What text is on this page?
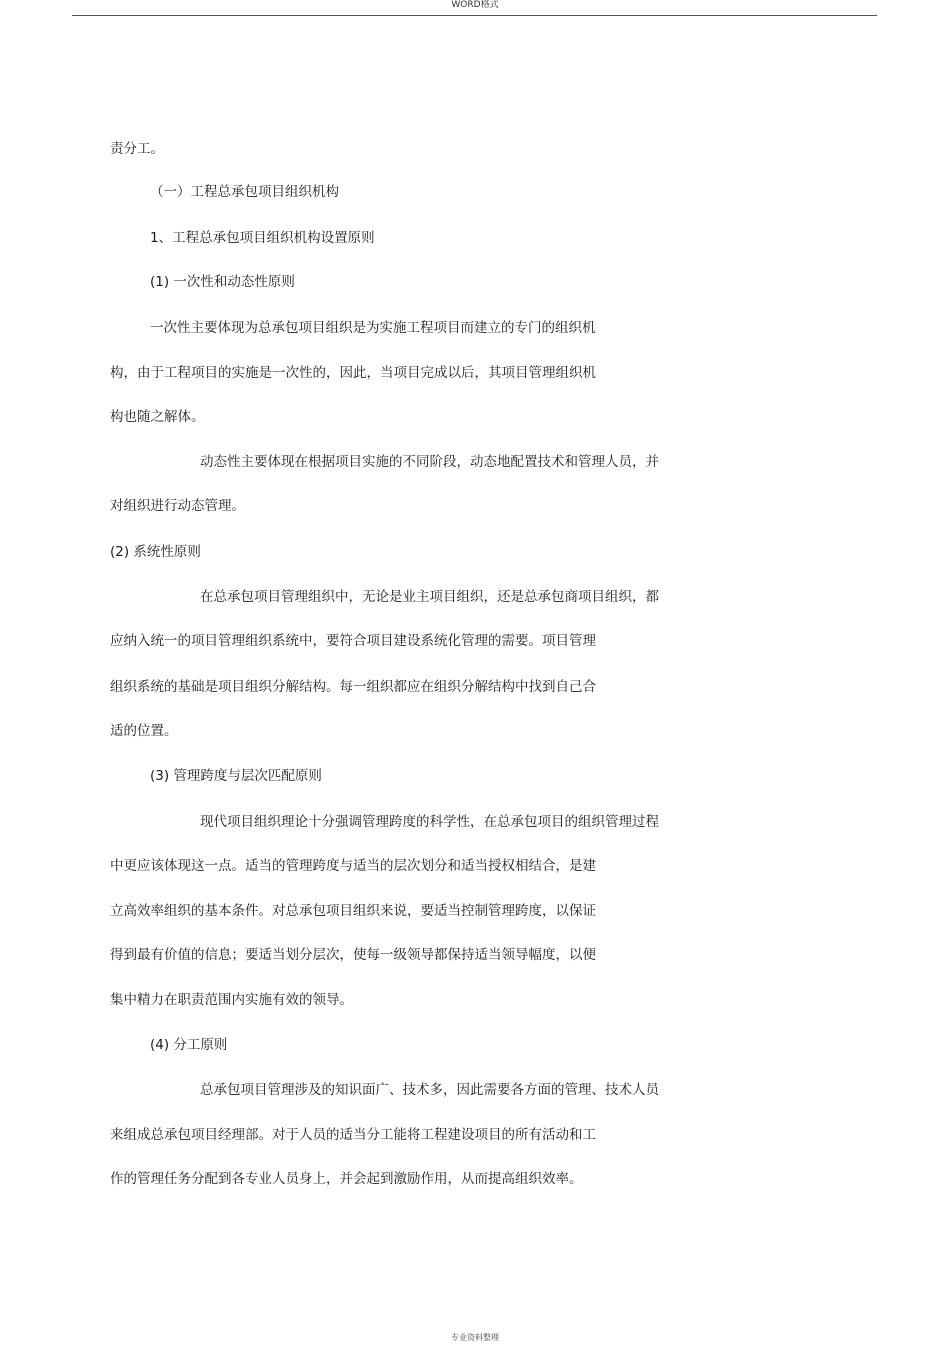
WORD格式
责分工。
（一）工程总承包项目组织机构
1、工程总承包项目组织机构设置原则
(1) 一次性和动态性原则
一次性主要体现为总承包项目组织是为实施工程项目而建立的专门的组织机
构，由于工程项目的实施是一次性的，因此，当项目完成以后，其项目管理组织机
构也随之解体。
动态性主要体现在根据项目实施的不同阶段，动态地配置技术和管理人员，并
对组织进行动态管理。
(2) 系统性原则
在总承包项目管理组织中，无论是业主项目组织，还是总承包商项目组织，都
应纳入统一的项目管理组织系统中，要符合项目建设系统化管理的需要。项目管理
组织系统的基础是项目组织分解结构。每一组织都应在组织分解结构中找到自己合
适的位置。
(3) 管理跨度与层次匹配原则
现代项目组织理论十分强调管理跨度的科学性，在总承包项目的组织管理过程
中更应该体现这一点。适当的管理跨度与适当的层次划分和适当授权相结合，是建
立高效率组织的基本条件。对总承包项目组织来说，要适当控制管理跨度，以保证
得到最有价值的信息；要适当划分层次，使每一级领导都保持适当领导幅度，以便
集中精力在职责范围内实施有效的领导。
(4) 分工原则
总承包项目管理涉及的知识面广、技术多，因此需要各方面的管理、技术人员
来组成总承包项目经理部。对于人员的适当分工能将工程建设项目的所有活动和工
作的管理任务分配到各专业人员身上，并会起到激励作用，从而提高组织效率。
专业资料整理
